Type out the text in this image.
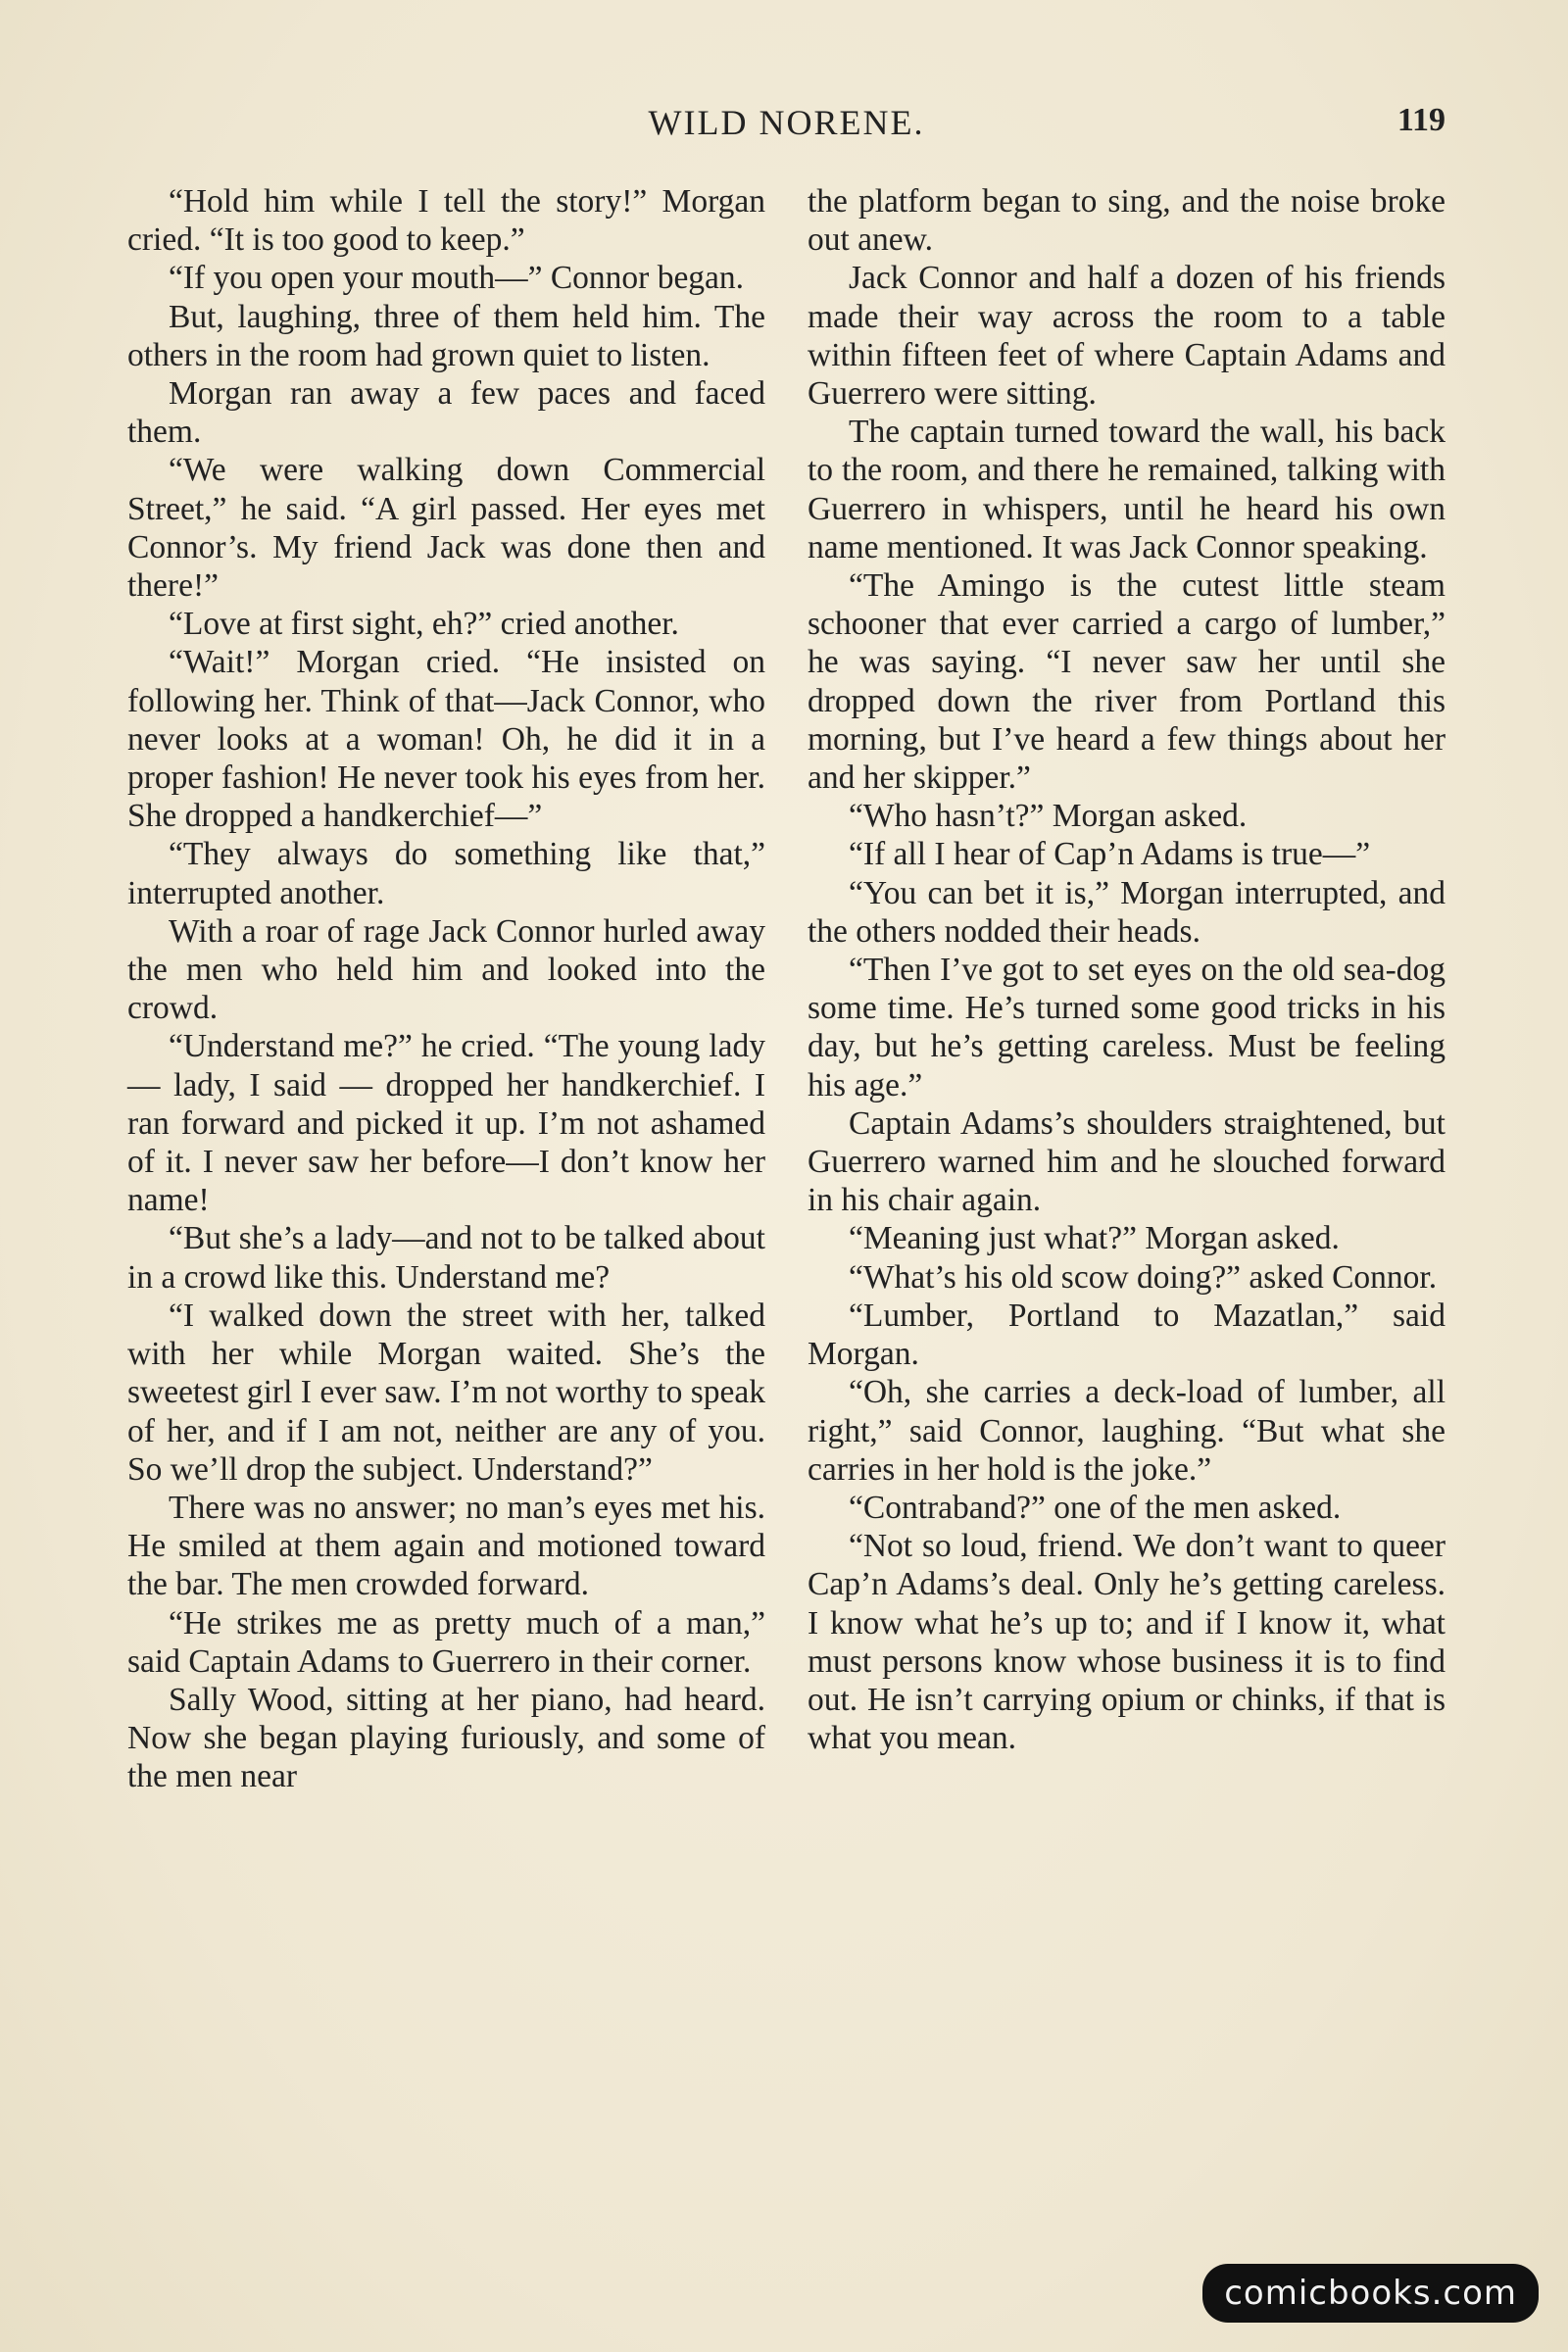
WILD NORENE.	119

“Hold him while I tell the story!” Morgan cried. “It is too good to keep.”

“If you open your mouth—” Connor began.

But, laughing, three of them held him. The others in the room had grown quiet to listen.

Morgan ran away a few paces and faced them.

“We were walking down Commercial Street,” he said. “A girl passed. Her eyes met Connor’s. My friend Jack was done then and there!”

“Love at first sight, eh?” cried another.

“Wait!” Morgan cried. “He insisted on following her. Think of that—Jack Connor, who never looks at a woman! Oh, he did it in a proper fashion! He never took his eyes from her. She dropped a handkerchief—”

“They always do something like that,” interrupted another.

With a roar of rage Jack Connor hurled away the men who held him and looked into the crowd.

“Understand me?” he cried. “The young lady — lady, I said — dropped her handkerchief. I ran forward and picked it up. I’m not ashamed of it. I never saw her before—I don’t know her name!

“But she’s a lady—and not to be talked about in a crowd like this. Understand me?

“I walked down the street with her, talked with her while Morgan waited. She’s the sweetest girl I ever saw. I’m not worthy to speak of her, and if I am not, neither are any of you. So we’ll drop the subject. Understand?”

There was no answer; no man’s eyes met his. He smiled at them again and motioned toward the bar. The men crowded forward.

“He strikes me as pretty much of a man,” said Captain Adams to Guerrero in their corner.

Sally Wood, sitting at her piano, had heard. Now she began playing furiously, and some of the men near

the platform began to sing, and the noise broke out anew.

Jack Connor and half a dozen of his friends made their way across the room to a table within fifteen feet of where Captain Adams and Guerrero were sitting.

The captain turned toward the wall, his back to the room, and there he remained, talking with Guerrero in whispers, until he heard his own name mentioned. It was Jack Connor speaking.

“The Amingo is the cutest little steam schooner that ever carried a cargo of lumber,” he was saying. “I never saw her until she dropped down the river from Portland this morning, but I’ve heard a few things about her and her skipper.”

“Who hasn’t?” Morgan asked.

“If all I hear of Cap’n Adams is true—”

“You can bet it is,” Morgan interrupted, and the others nodded their heads.

“Then I’ve got to set eyes on the old sea-dog some time. He’s turned some good tricks in his day, but he’s getting careless. Must be feeling his age.”

Captain Adams’s shoulders straightened, but Guerrero warned him and he slouched forward in his chair again.

“Meaning just what?” Morgan asked.

“What’s his old scow doing?” asked Connor.

“Lumber, Portland to Mazatlan,” said Morgan.

“Oh, she carries a deck-load of lumber, all right,” said Connor, laughing. “But what she carries in her hold is the joke.”

“Contraband?” one of the men asked.

“Not so loud, friend. We don’t want to queer Cap’n Adams’s deal. Only he’s getting careless. I know what he’s up to; and if I know it, what must persons know whose business it is to find out. He isn’t carrying opium or chinks, if that is what you mean.

comicbooks.com
